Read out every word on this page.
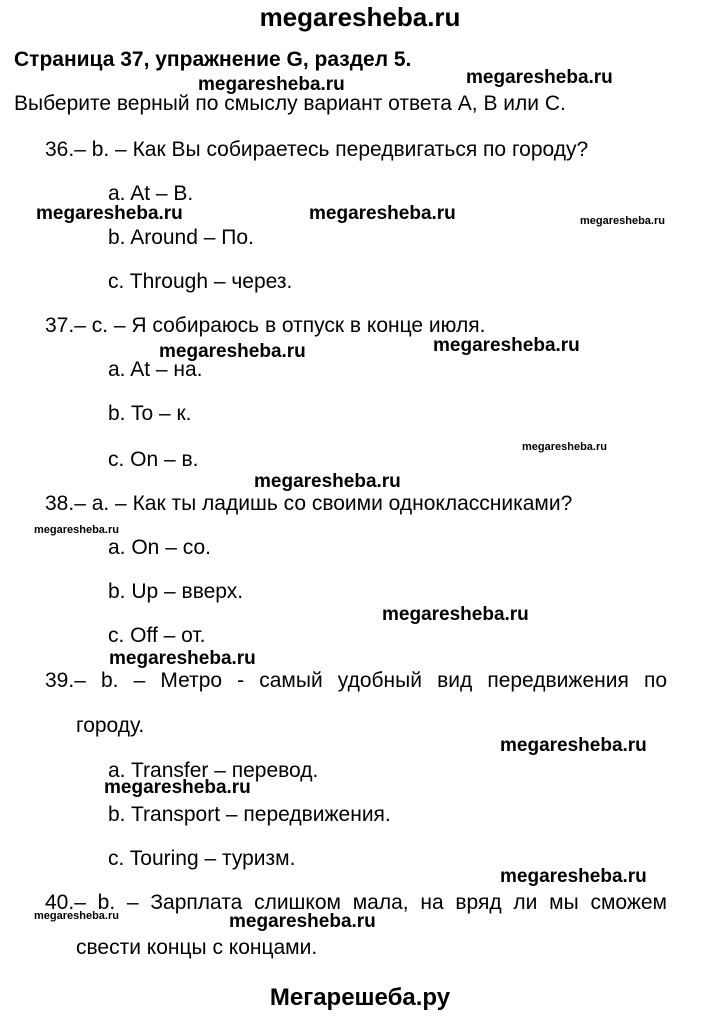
megaresheba.ru
Страница 37, упражнение G, раздел 5.
Выберите верный по смыслу вариант ответа А, В или С.
36.– b. – Как Вы собираетесь передвигаться по городу?
a. At – В.
b. Around – По.
c. Through – через.
37.– c. – Я собираюсь в отпуск в конце июля.
a. At – на.
b. To – к.
c. On – в.
38.– a. – Как ты ладишь со своими одноклассниками?
a. On – со.
b. Up – вверх.
c. Off – от.
39.– b. – Метро - самый удобный вид передвижения по
городу.
a. Transfer – перевод.
b. Transport – передвижения.
c. Touring – туризм.
40.– b. – Зарплата слишком мала, на вряд ли мы сможем
свести концы с концами.
Мегарешеба.ру
megaresheba.ru	megaresheba.ru
megaresheba.ru	megaresheba.ru	megaresheba.ru
megaresheba.ru	megaresheba.ru
megaresheba.ru
megaresheba.ru
megaresheba.ru
megaresheba.ru
megaresheba.ru
megaresheba.ru
megaresheba.ru
megaresheba.ru
megaresheba.ru	megaresheba.ru
